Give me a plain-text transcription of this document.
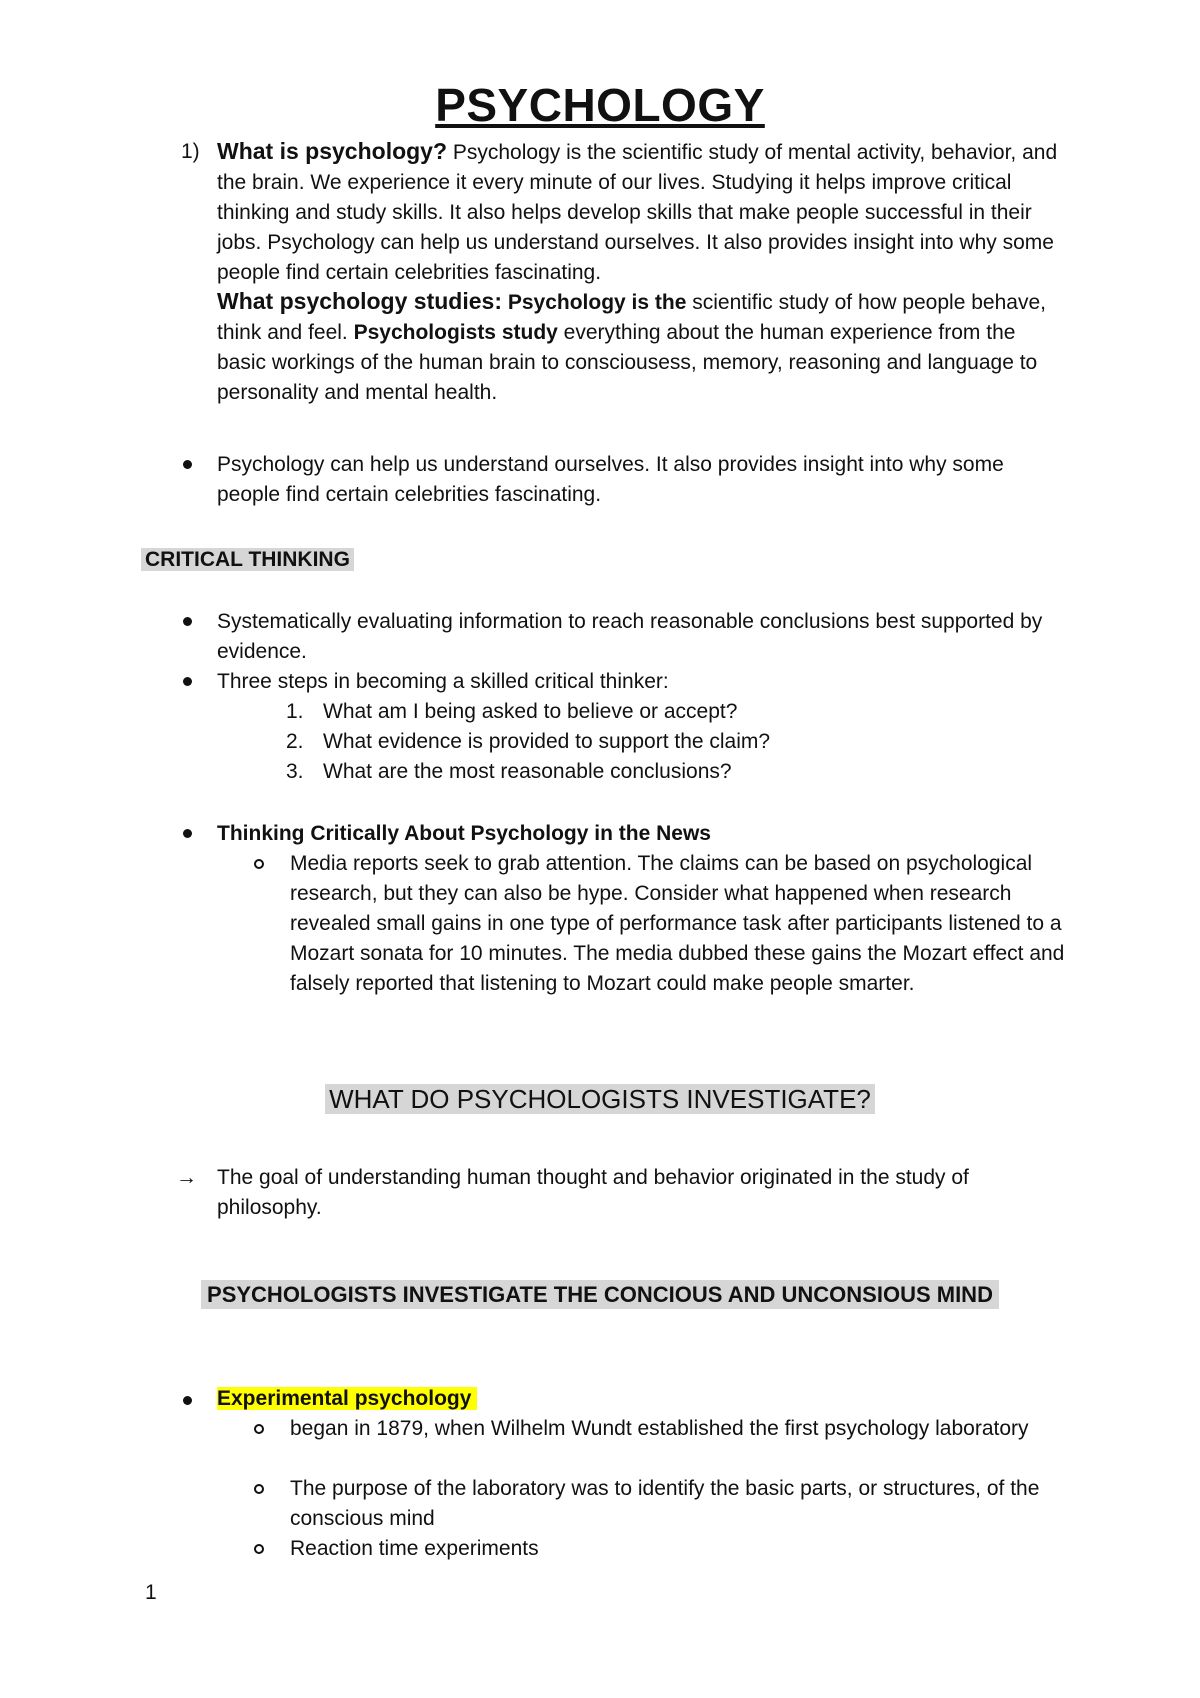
PSYCHOLOGY
1) What is psychology? Psychology is the scientific study of mental activity, behavior, and the brain. We experience it every minute of our lives. Studying it helps improve critical thinking and study skills. It also helps develop skills that make people successful in their jobs. Psychology can help us understand ourselves. It also provides insight into why some people find certain celebrities fascinating.
What psychology studies: Psychology is the scientific study of how people behave, think and feel. Psychologists study everything about the human experience from the basic workings of the human brain to consciousess, memory, reasoning and language to personality and mental health.
Psychology can help us understand ourselves. It also provides insight into why some people find certain celebrities fascinating.
CRITICAL THINKING
Systematically evaluating information to reach reasonable conclusions best supported by evidence.
Three steps in becoming a skilled critical thinker:
1. What am I being asked to believe or accept?
2. What evidence is provided to support the claim?
3. What are the most reasonable conclusions?
Thinking Critically About Psychology in the News
Media reports seek to grab attention. The claims can be based on psychological research, but they can also be hype. Consider what happened when research revealed small gains in one type of performance task after participants listened to a Mozart sonata for 10 minutes. The media dubbed these gains the Mozart effect and falsely reported that listening to Mozart could make people smarter.
WHAT DO PSYCHOLOGISTS INVESTIGATE?
→ The goal of understanding human thought and behavior originated in the study of philosophy.
PSYCHOLOGISTS INVESTIGATE THE CONCIOUS AND UNCONSIOUS MIND
Experimental psychology
began in 1879, when Wilhelm Wundt established the first psychology laboratory
The purpose of the laboratory was to identify the basic parts, or structures, of the conscious mind
Reaction time experiments
1
